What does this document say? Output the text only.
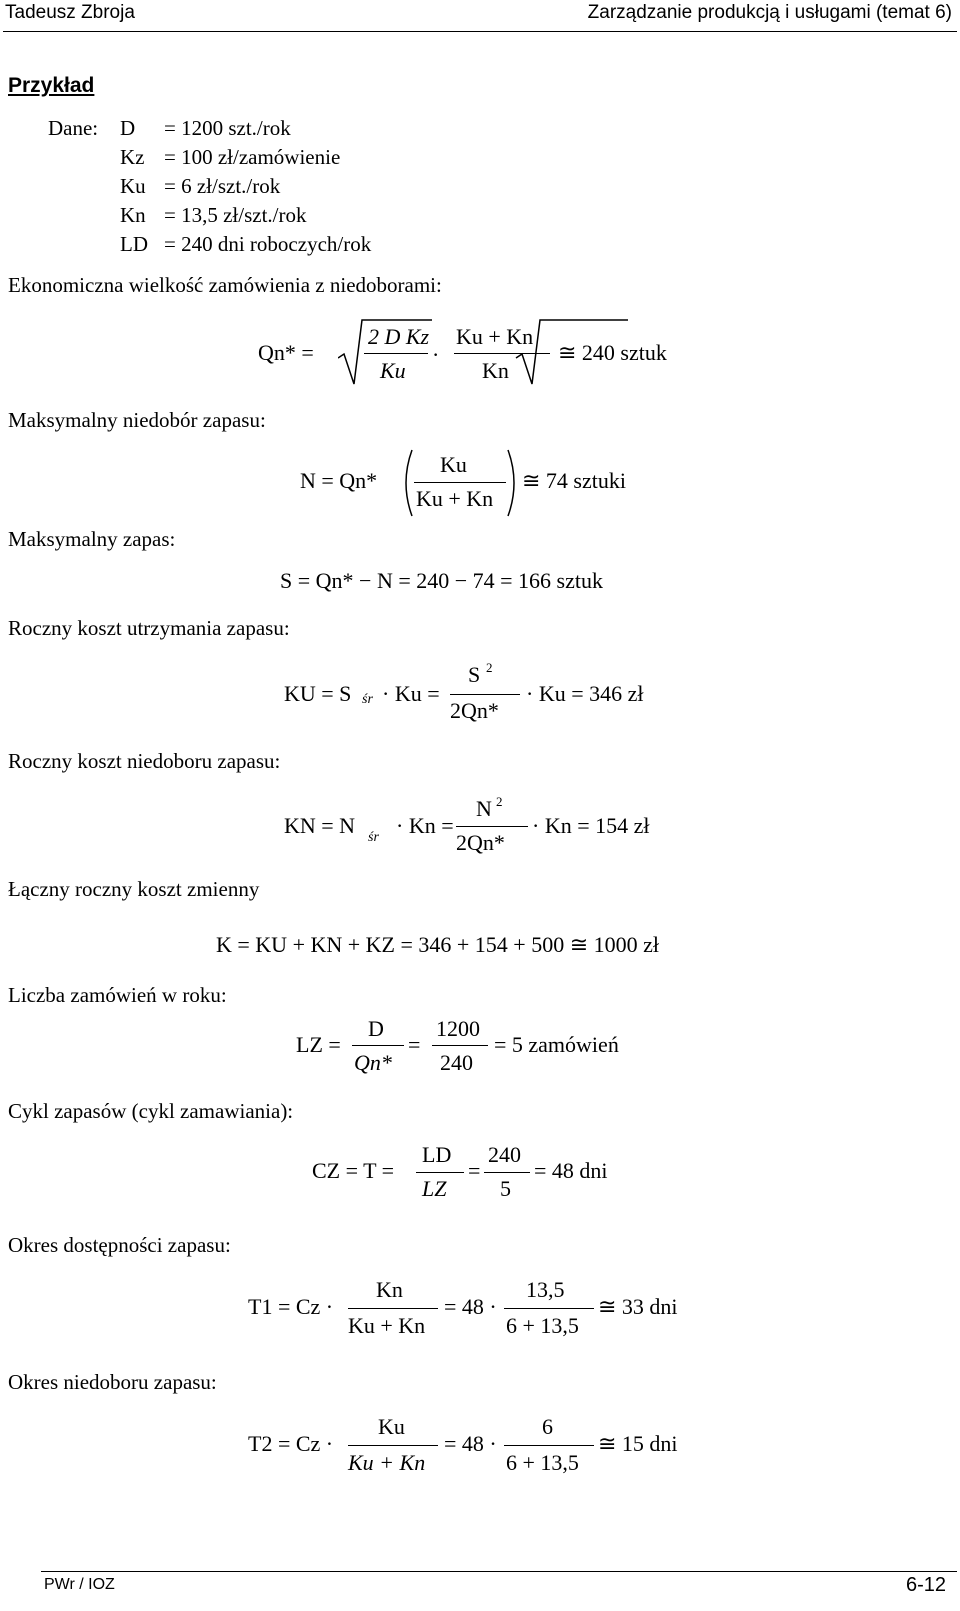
Tadeusz Zbroja	Zarządzanie produkcją i usługami (temat 6)
Przykład
Dane: D = 1200 szt./rok
Kz = 100 zł/zamówienie
Ku = 6 zł/szt./rok
Kn = 13,5 zł/szt./rok
LD = 240 dni roboczych/rok
Ekonomiczna wielkość zamówienia z niedoborami:
Qn* =
2 D Kz
Ku
·
Ku + Kn
Kn
≅ 240 sztuk
Maksymalny niedobór zapasu:
N = Qn*
Ku
Ku + Kn
≅ 74 sztuki
Maksymalny zapas:
S = Qn* − N = 240 − 74 = 166 sztuk
Roczny koszt utrzymania zapasu:
KU = S śr · Ku =
S 2
2Qn*
· Ku = 346 zł
Roczny koszt niedoboru zapasu:
KN = N śr · Kn =
N 2
2Qn*
· Kn = 154 zł
Łączny roczny koszt zmienny
K = KU + KN + KZ = 346 + 154 + 500 ≅ 1000 zł
Liczba zamówień w roku:
LZ =
D
Qn*
=
1200
240
= 5 zamówień
Cykl zapasów (cykl zamawiania):
CZ = T =
LD
LZ
=
240
5
= 48 dni
Okres dostępności zapasu:
T1 = Cz ·
Kn
Ku + Kn
= 48 ·
13,5
6 + 13,5
≅ 33 dni
Okres niedoboru zapasu:
T2 = Cz ·
Ku
Ku + Kn
= 48 ·
6
6 + 13,5
≅ 15 dni
PWr / IOZ	6-12
